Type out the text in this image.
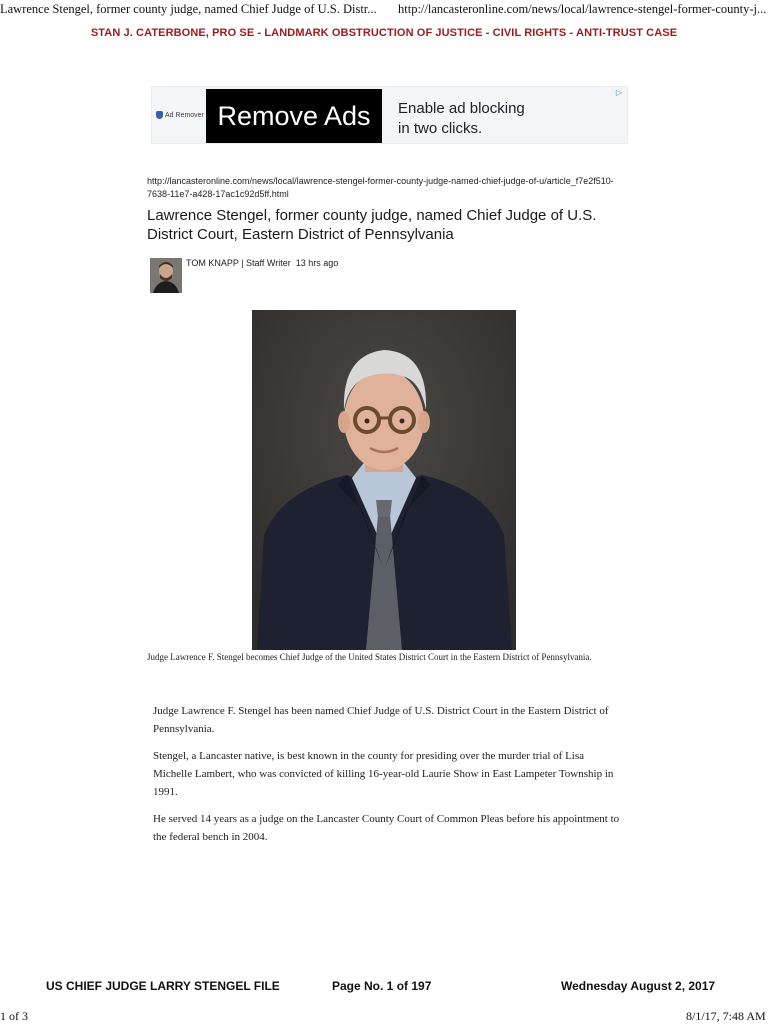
Lawrence Stengel, former county judge, named Chief Judge of U.S. Distr... http://lancasteronline.com/news/local/lawrence-stengel-former-county-j...
STAN J. CATERBONE, PRO SE - LANDMARK OBSTRUCTION OF JUSTICE - CIVIL RIGHTS - ANTI-TRUST CASE
Ad Remover Remove Ads	Enable ad blocking
in two clicks.
▷
http://lancasteronline.com/news/local/lawrence-stengel-former-county-judge-named-chief-judge-of-u/article_f7e2f510-7638-11e7-a428-17ac1c92d5ff.html
Lawrence Stengel, former county judge, named Chief Judge of U.S. District Court, Eastern District of Pennsylvania
TOM KNAPP | Staff Writer 13 hrs ago
Judge Lawrence F. Stengel becomes Chief Judge of the United States District Court in the Eastern District of Pennsylvania.

Judge Lawrence F. Stengel has been named Chief Judge of U.S. District Court in the Eastern District of Pennsylvania.

Stengel, a Lancaster native, is best known in the county for presiding over the murder trial of Lisa Michelle Lambert, who was convicted of killing 16-year-old Laurie Show in East Lampeter Township in 1991.

He served 14 years as a judge on the Lancaster County Court of Common Pleas before his appointment to the federal bench in 2004.

US CHIEF JUDGE LARRY STENGEL FILE	Page No. 1 of 197	Wednesday August 2, 2017
1 of 3	8/1/17, 7:48 AM
